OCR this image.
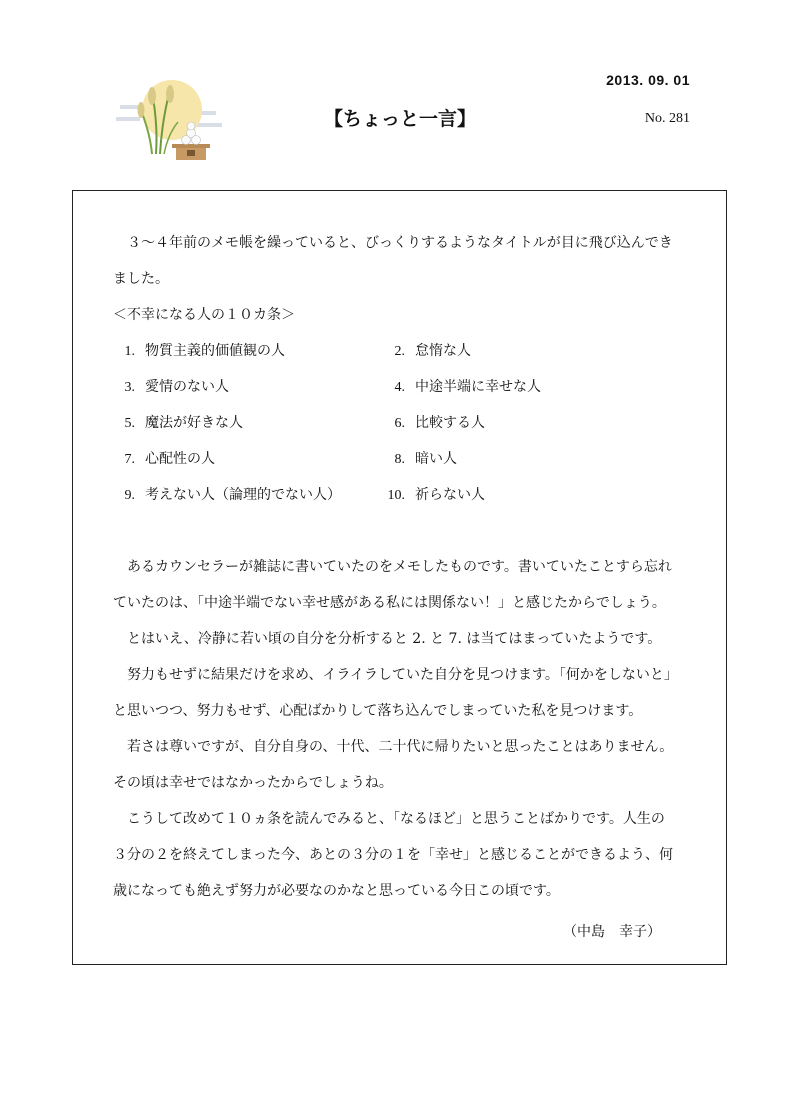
2013. 09. 01
【ちょっと一言】	No. 281

　３～４年前のメモ帳を繰っていると、びっくりするようなタイトルが目に飛び込んでき

ました。

＜不幸になる人の１０カ条＞

1. 物質主義的価値観の人	2. 怠惰な人
3. 愛情のない人	4. 中途半端に幸せな人
5. 魔法が好きな人	6. 比較する人
7. 心配性の人	8. 暗い人
9. 考えない人（論理的でない人）	10. 祈らない人

　あるカウンセラーが雑誌に書いていたのをメモしたものです。書いていたことすら忘れ

ていたのは、「中途半端でない幸せ感がある私には関係ない！」と感じたからでしょう。

　とはいえ、冷静に若い頃の自分を分析すると 2. と 7. は当てはまっていたようです。

　努力もせずに結果だけを求め、イライラしていた自分を見つけます。「何かをしないと」

と思いつつ、努力もせず、心配ばかりして落ち込んでしまっていた私を見つけます。

　若さは尊いですが、自分自身の、十代、二十代に帰りたいと思ったことはありません。

その頃は幸せではなかったからでしょうね。

　こうして改めて１０ヵ条を読んでみると、「なるほど」と思うことばかりです。人生の

３分の２を終えてしまった今、あとの３分の１を「幸せ」と感じることができるよう、何

歳になっても絶えず努力が必要なのかなと思っている今日この頃です。

（中島　幸子）
